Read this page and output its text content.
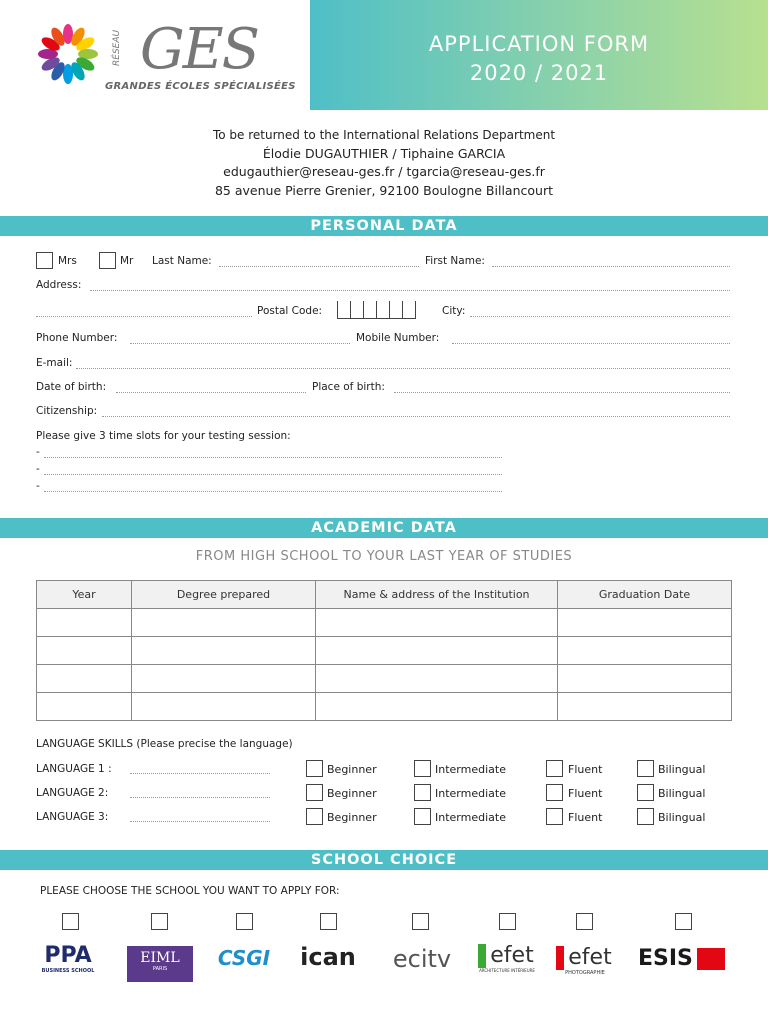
RÉSEAU GES
GRANDES ÉCOLES SPÉCIALISÉES
APPLICATION FORM
2020 / 2021
To be returned to the International Relations Department
Élodie DUGAUTHIER / Tiphaine GARCIA
edugauthier@reseau-ges.fr / tgarcia@reseau-ges.fr
85 avenue Pierre Grenier, 92100 Boulogne Billancourt
PERSONAL DATA
Mrs	Mr Last Name:	First Name:
Address:
Postal Code:	City:
Phone Number:	Mobile Number:
E-mail:
Date of birth:	Place of birth:
Citizenship:
Please give 3 time slots for your testing session:
-
-
-
ACADEMIC DATA
FROM HIGH SCHOOL TO YOUR LAST YEAR OF STUDIES
Year	Degree prepared	Name & address of the Institution	Graduation Date

LANGUAGE SKILLS (Please precise the language)
LANGUAGE 1 :	Beginner	Intermediate	Fluent	Bilingual
LANGUAGE 2:	Beginner	Intermediate	Fluent	Bilingual
LANGUAGE 3:	Beginner	Intermediate	Fluent	Bilingual
SCHOOL CHOICE
PLEASE CHOOSE THE SCHOOL YOU WANT TO APPLY FOR:
PPA
BUSINESS SCHOOL
EIML
PARIS	CSGI ican	ecitv	efet
ARCHITECTURE INTÉRIEURE
efet
PHOTOGRAPHIE
ESIS
